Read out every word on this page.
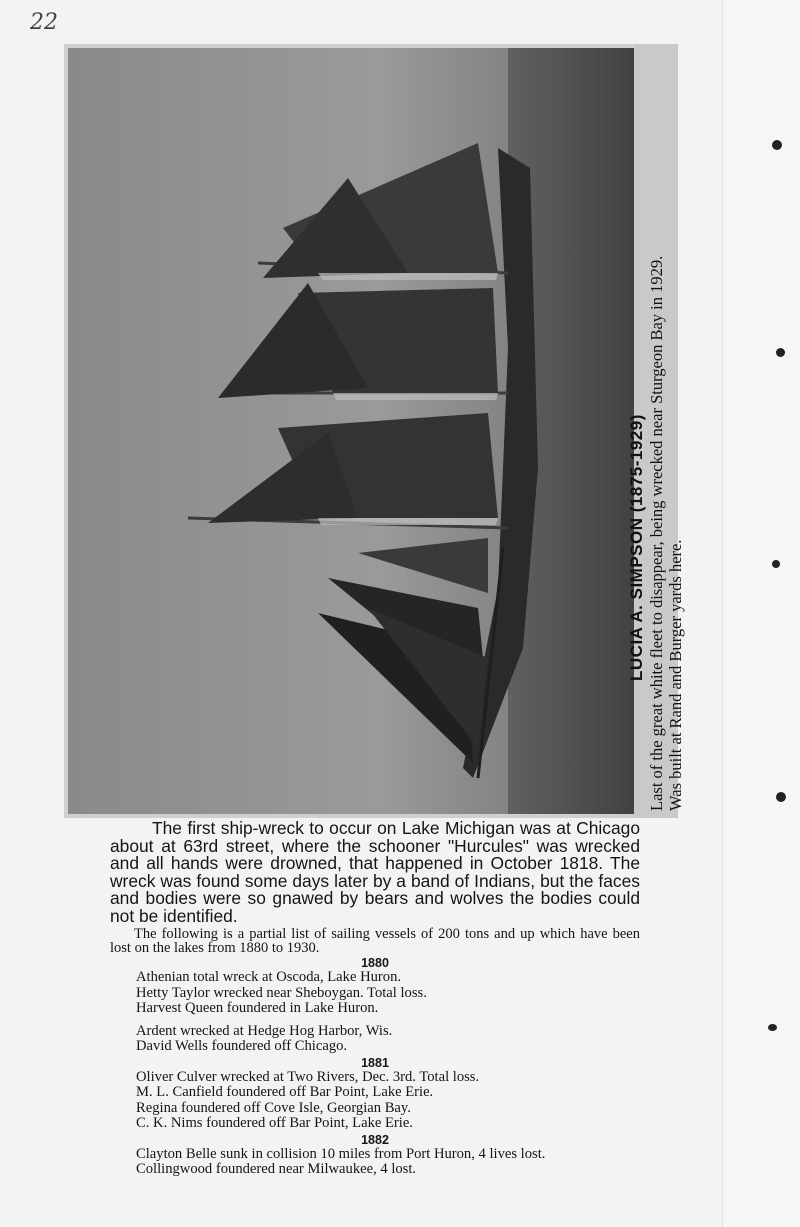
22
LUCIA A. SIMPSON (1875-1929) Last of the great white fleet to disappear, being wrecked near Sturgeon Bay in 1929. Was built at Rand and Burger yards here.

The first ship-wreck to occur on Lake Michigan was at Chicago about at 63rd street, where the schooner "Hurcules" was wrecked and all hands were drowned, that happened in October 1818. The wreck was found some days later by a band of Indians, but the faces and bodies were so gnawed by bears and wolves the bodies could not be identified.

The following is a partial list of sailing vessels of 200 tons and up which have been lost on the lakes from 1880 to 1930.

1880

Athenian total wreck at Oscoda, Lake Huron.

Hetty Taylor wrecked near Sheboygan. Total loss.

Harvest Queen foundered in Lake Huron.

Ardent wrecked at Hedge Hog Harbor, Wis.

David Wells foundered off Chicago.

1881

Oliver Culver wrecked at Two Rivers, Dec. 3rd. Total loss.

M. L. Canfield foundered off Bar Point, Lake Erie.

Regina foundered off Cove Isle, Georgian Bay.

C. K. Nims foundered off Bar Point, Lake Erie.

1882

Clayton Belle sunk in collision 10 miles from Port Huron, 4 lives lost.

Collingwood foundered near Milwaukee, 4 lost.
